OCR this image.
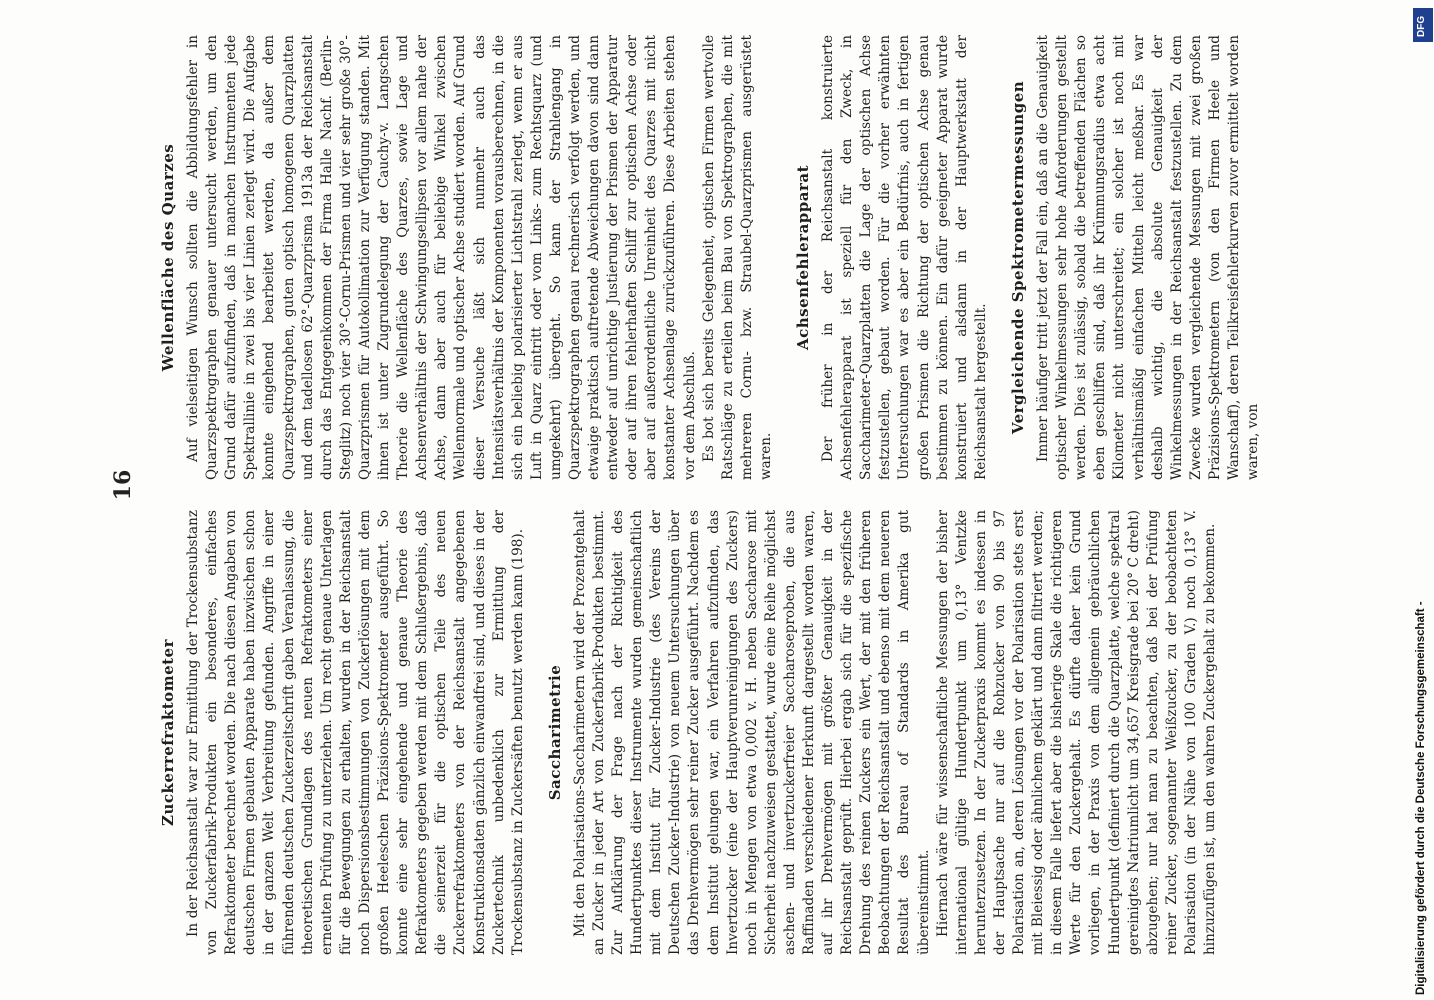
16
Zuckerrefraktometer In der Reichsanstalt war zur Ermittlung der Trockensubstanz von Zuckerfabrik-Produkten ein besonderes, einfaches Refraktometer berechnet worden. Die nach diesen Angaben von deutschen Firmen gebauten Apparate haben inzwischen schon in der ganzen Welt Verbreitung gefunden. Angriffe in einer führenden deutschen Zuckerzeitschrift gaben Veranlassung, die theoretischen Grundlagen des neuen Refraktometers einer erneuten Prüfung zu unterziehen. Um recht genaue Unterlagen für die Bewegungen zu erhalten, wurden in der Reichsanstalt noch Dispersionsbestimmungen von Zuckerlösungen mit dem großen Heeleschen Präzisions-Spektrometer ausgeführt. So konnte eine sehr eingehende und genaue Theorie des Refraktometers gegeben werden mit dem Schlußergebnis, daß die seinerzeit für die optischen Teile des neuen Zuckerrefraktometers von der Reichsanstalt angegebenen Konstruktionsdaten gänzlich einwandfrei sind, und dieses in der Zuckertechnik unbedenklich zur Ermittlung der Trockensubstanz in Zuckersäften benutzt werden kann (198). Saccharimetrie Mit den Polarisations-Saccharimetern wird der Prozentgehalt an Zucker in jeder Art von Zuckerfabrik-Produkten bestimmt. Zur Aufklärung der Frage nach der Richtigkeit des Hundertpunktes dieser Instrumente wurden gemeinschaftlich mit dem Institut für Zucker-Industrie (des Vereins der Deutschen Zucker-Industrie) von neuem Untersuchungen über das Drehvermögen sehr reiner Zucker ausgeführt. Nachdem es dem Institut gelungen war, ein Verfahren aufzufinden, das Invertzucker (eine der Hauptverunreinigungen des Zuckers) noch in Mengen von etwa 0,002 v. H. neben Saccharose mit Sicherheit nachzuweisen gestattet, wurde eine Reihe möglichst aschen- und invertzuckerfreier Saccharoseproben, die aus Raffinaden verschiedener Herkunft dargestellt worden waren, auf ihr Drehvermögen mit größter Genauigkeit in der Reichsanstalt geprüft. Hierbei ergab sich für die spezifische Drehung des reinen Zuckers ein Wert, der mit den früheren Beobachtungen der Reichsanstalt und ebenso mit dem neueren Resultat des Bureau of Standards in Amerika gut übereinstimmt. Hiernach wäre für wissenschaftliche Messungen der bisher international gültige Hundertpunkt um 0,13° Ventzke herunterzusetzen. In der Zuckerpraxis kommt es indessen in der Hauptsache nur auf die Rohzucker von 90 bis 97 Polarisation an, deren Lösungen vor der Polarisation stets erst mit Bleiessig oder ähnlichem geklärt und dann filtriert werden; in diesem Falle liefert aber die bisherige Skale die richtigeren Werte für den Zuckergehalt. Es dürfte daher kein Grund vorliegen, in der Praxis von dem allgemein gebräuchlichen Hundertpunkt (definiert durch die Quarzplatte, welche spektral gereinigtes Natriumlicht um 34,657 Kreisgrade bei 20° C dreht) abzugehen; nur hat man zu beachten, daß bei der Prüfung reiner Zucker, sogenannter Weißzucker, zu der beobachteten Polarisation (in der Nähe von 100 Graden V.) noch 0,13° V. hinzuzufügen ist, um den wahren Zuckergehalt zu bekommen.

Wellenfläche des Quarzes Auf vielseitigen Wunsch sollten die Abbildungsfehler in Quarzspektrographen genauer untersucht werden, um den Grund dafür aufzufinden, daß in manchen Instrumenten jede Spektrallinie in zwei bis vier Linien zerlegt wird. Die Aufgabe konnte eingehend bearbeitet werden, da außer dem Quarzspektrographen, guten optisch homogenen Quarzplatten und dem tadellosen 62°-Quarzprisma 1913a der Reichsanstalt durch das Entgegenkommen der Firma Halle Nachf. (Berlin-Steglitz) noch vier 30°-Cornu-Prismen und vier sehr große 30°-Quarzprismen für Autokollimation zur Verfügung standen. Mit ihnen ist unter Zugrundelegung der Cauchy-v. Langschen Theorie die Wellenfläche des Quarzes, sowie Lage und Achsenverhältnis der Schwingungsellipsen vor allem nahe der Achse, dann aber auch für beliebige Winkel zwischen Wellennormale und optischer Achse studiert worden. Auf Grund dieser Versuche läßt sich nunmehr auch das Intensitätsverhältnis der Komponenten vorausberechnen, in die sich ein beliebig polarisierter Lichtstrahl zerlegt, wenn er aus Luft in Quarz eintritt oder vom Links- zum Rechtsquarz (und umgekehrt) übergeht. So kann der Strahlengang in Quarzspektrographen genau rechnerisch verfolgt werden, und etwaige praktisch auftretende Abweichungen davon sind dann entweder auf unrichtige Justierung der Prismen der Apparatur oder auf ihren fehlerhaften Schliff zur optischen Achse oder aber auf außerordentliche Unreinheit des Quarzes mit nicht konstanter Achsenlage zurückzuführen. Diese Arbeiten stehen vor dem Abschluß. Es bot sich bereits Gelegenheit, optischen Firmen wertvolle Ratschläge zu erteilen beim Bau von Spektrographen, die mit mehreren Cornu- bzw. Straubel-Quarzprismen ausgerüstet waren.

Achsenfehlerapparat Der früher in der Reichsanstalt konstruierte Achsenfehlerapparat ist speziell für den Zweck, in Saccharimeter-Quarzplatten die Lage der optischen Achse festzustellen, gebaut worden. Für die vorher erwähnten Untersuchungen war es aber ein Bedürfnis, auch in fertigen großen Prismen die Richtung der optischen Achse genau bestimmen zu können. Ein dafür geeigneter Apparat wurde konstruiert und alsdann in der Hauptwerkstatt der Reichsanstalt hergestellt. Vergleichende Spektrometermessungen Immer häufiger tritt jetzt der Fall ein, daß an die Genauigkeit optischer Winkelmessungen sehr hohe Anforderungen gestellt werden. Dies ist zulässig, sobald die betreffenden Flächen so eben geschliffen sind, daß ihr Krümmungsradius etwa acht Kilometer nicht unterschreitet; ein solcher ist noch mit verhältnismäßig einfachen Mitteln leicht meßbar. Es war deshalb wichtig, die absolute Genauigkeit der Winkelmessungen in der Reichsanstalt festzustellen. Zu dem Zwecke wurden vergleichende Messungen mit zwei großen Präzisions-Spektrometern (von den Firmen Heele und Wanschaff), deren Teilkreisfehlerkurven zuvor ermittelt worden waren, von

DFG
Digitalisierung gefördert durch die Deutsche Forschungsgemeinschaft -
